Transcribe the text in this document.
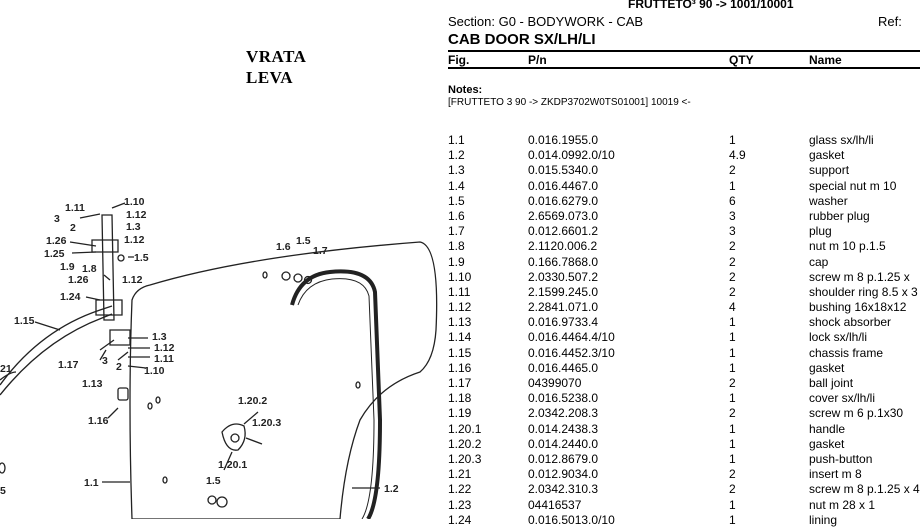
1.11	1.10
3	1.12
2	1.3
1.26	1.12
1.25
1.9 1.8
1.5
1.26	1.12
1.24
1.15
1.6 1.5
1.7
1.3
1.12
1.11
1.17 3 2 1.10
21
1.13
1.16
1.20.2
1.20.3
1.20.1
1.5
5
1.1	1.2
VRATA
LEVA
FRUTTETO³ 90 -> 1001/10001
Section: G0 - BODYWORK - CAB	Ref:
CAB DOOR SX/LH/LI
Fig.	P/n	QTY	Name
Notes:
[FRUTTETO 3 90 -> ZKDP3702W0TS01001] 10019 <-
1.1	0.016.1955.0	1	glass sx/lh/li
1.2	0.014.0992.0/10	4.9	gasket
1.3	0.015.5340.0	2	support
1.4	0.016.4467.0	1	special nut m 10
1.5	0.016.6279.0	6	washer
1.6	2.6569.073.0	3	rubber plug
1.7	0.012.6601.2	3	plug
1.8	2.1120.006.2	2	nut m 10 p.1.5
1.9	0.166.7868.0	2	cap
1.10	2.0330.507.2	2	screw m 8 p.1.25 x
1.11	2.1599.245.0	2	shoulder ring 8.5 x 3
1.12	2.2841.071.0	4	bushing 16x18x12
1.13	0.016.9733.4	1	shock absorber
1.14	0.016.4464.4/10	1	lock sx/lh/li
1.15	0.016.4452.3/10	1	chassis frame
1.16	0.016.4465.0	1	gasket
1.17	04399070	2	ball joint
1.18	0.016.5238.0	1	cover sx/lh/li
1.19	2.0342.208.3	2	screw m 6 p.1x30
1.20.1	0.014.2438.3	1	handle
1.20.2	0.014.2440.0	1	gasket
1.20.3	0.012.8679.0	1	push-button
1.21	0.012.9034.0	2	insert m 8
1.22	2.0342.310.3	2	screw m 8 p.1.25 x 4
1.23	04416537	1	nut m 28 x 1
1.24	0.016.5013.0/10	1	lining
